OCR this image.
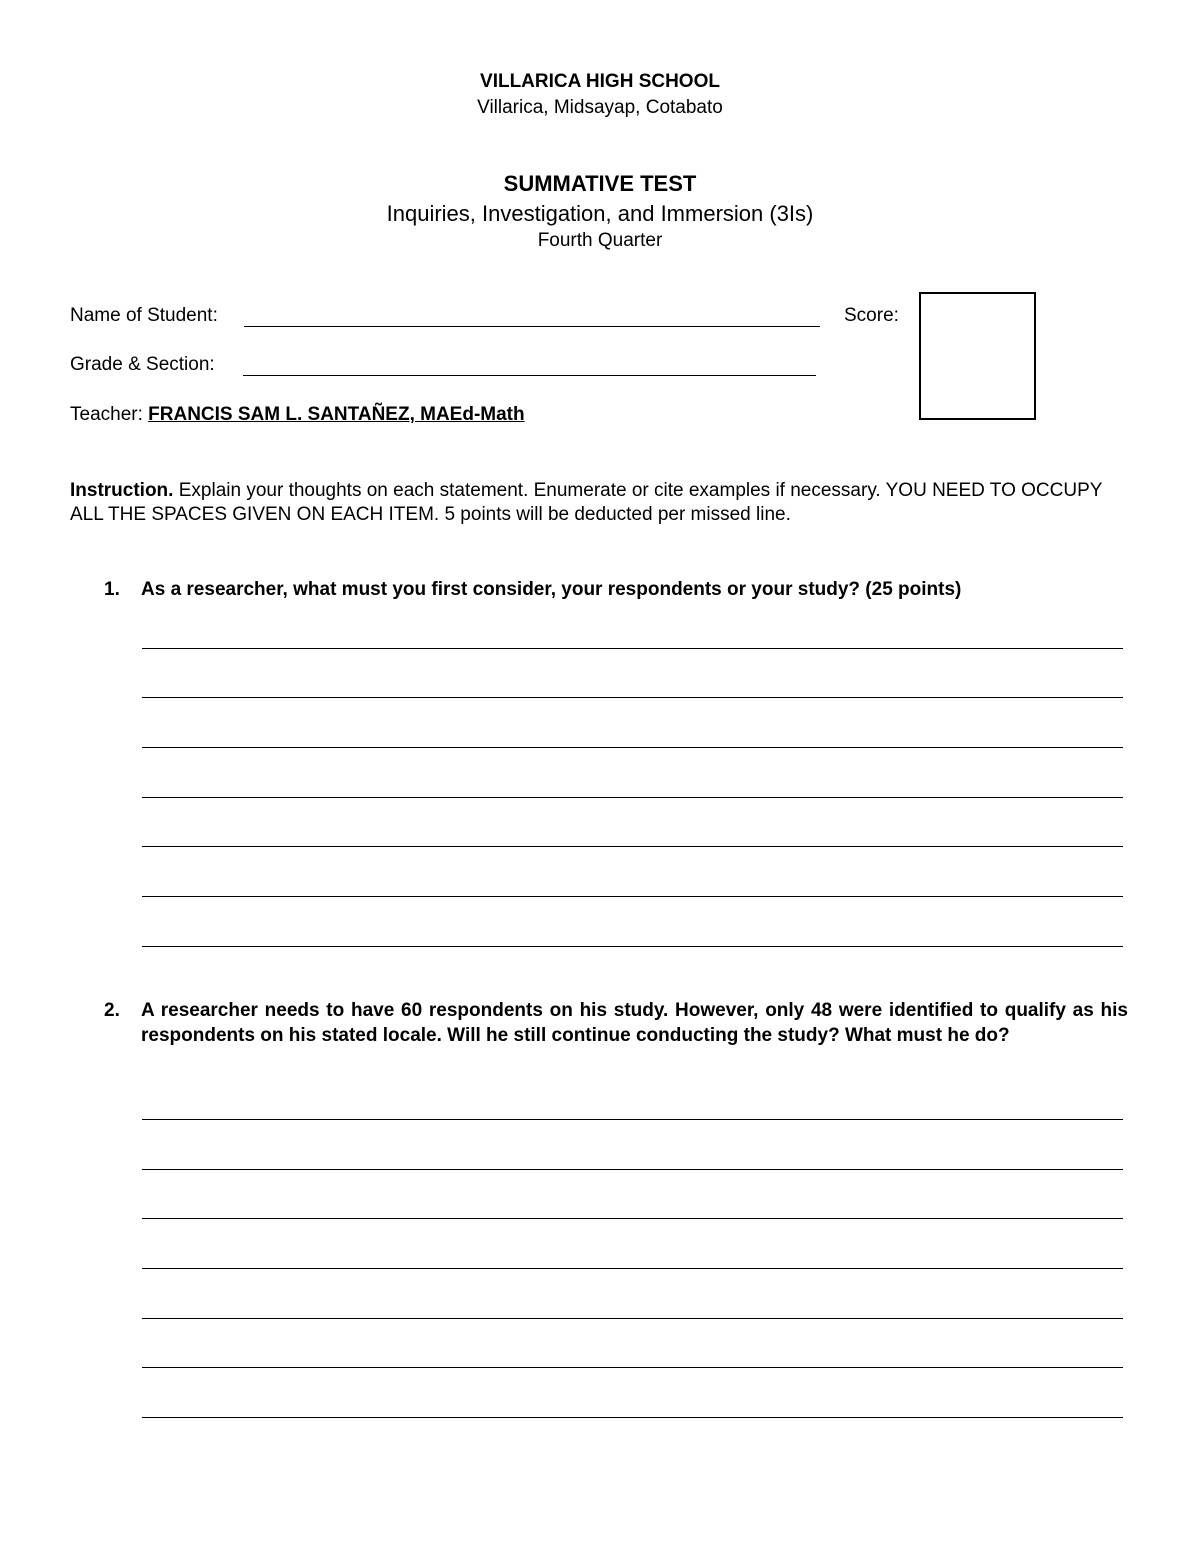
VILLARICA HIGH SCHOOL
Villarica, Midsayap, Cotabato
SUMMATIVE TEST
Inquiries, Investigation, and Immersion (3Is)
Fourth Quarter
Name of Student:
Grade & Section:
Teacher: FRANCIS SAM L. SANTAÑEZ, MAEd-Math
Score:
Instruction. Explain your thoughts on each statement. Enumerate or cite examples if necessary. YOU NEED TO OCCUPY ALL THE SPACES GIVEN ON EACH ITEM. 5 points will be deducted per missed line.
1. As a researcher, what must you first consider, your respondents or your study? (25 points)
2. A researcher needs to have 60 respondents on his study. However, only 48 were identified to qualify as his respondents on his stated locale. Will he still continue conducting the study? What must he do?
